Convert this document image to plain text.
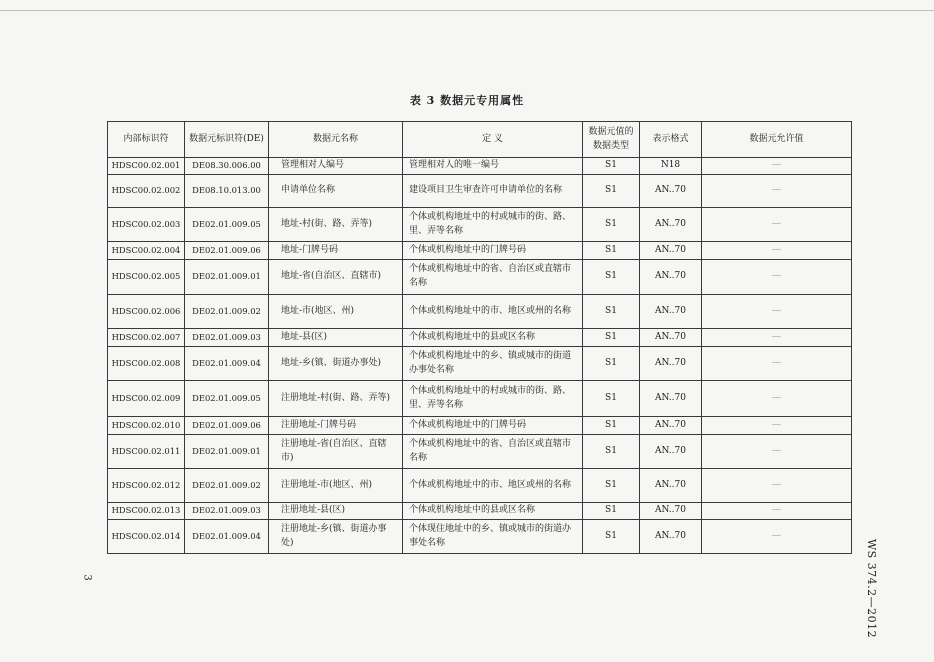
表 3 数据元专用属性
内部标识符	数据元标识符(DE)	数据元名称	定 义	数据元值的数据类型	表示格式	数据元允许值
HDSC00.02.001	DE08.30.006.00	管理相对人编号	管理相对人的唯一编号	S1	N18	—
HDSC00.02.002	DE08.10.013.00	申请单位名称	建设项目卫生审查许可申请单位的名称	S1	AN..70	—
HDSC00.02.003	DE02.01.009.05	地址-村(街、路、弄等)	个体或机构地址中的村或城市的街、路、里、弄等名称	S1	AN..70	—
HDSC00.02.004	DE02.01.009.06	地址-门牌号码	个体或机构地址中的门牌号码	S1	AN..70	—
HDSC00.02.005	DE02.01.009.01	地址-省(自治区、直辖市)	个体或机构地址中的省、自治区或直辖市名称	S1	AN..70	—
HDSC00.02.006	DE02.01.009.02	地址-市(地区、州)	个体或机构地址中的市、地区或州的名称	S1	AN..70	—
HDSC00.02.007	DE02.01.009.03	地址-县(区)	个体或机构地址中的县或区名称	S1	AN..70	—
HDSC00.02.008	DE02.01.009.04	地址-乡(镇、街道办事处)	个体或机构地址中的乡、镇或城市的街道办事处名称	S1	AN..70	—
HDSC00.02.009	DE02.01.009.05	注册地址-村(街、路、弄等)	个体或机构地址中的村或城市的街、路、里、弄等名称	S1	AN..70	—
HDSC00.02.010	DE02.01.009.06	注册地址-门牌号码	个体或机构地址中的门牌号码	S1	AN..70	—
HDSC00.02.011	DE02.01.009.01	注册地址-省(自治区、直辖市)	个体或机构地址中的省、自治区或直辖市名称	S1	AN..70	—
HDSC00.02.012	DE02.01.009.02	注册地址-市(地区、州)	个体或机构地址中的市、地区或州的名称	S1	AN..70	—
HDSC00.02.013	DE02.01.009.03	注册地址-县(区)	个体或机构地址中的县或区名称	S1	AN..70	—
HDSC00.02.014	DE02.01.009.04	注册地址-乡(镇、街道办事处)	个体现住地址中的乡、镇或城市的街道办事处名称	S1	AN..70	—
3	WS 374.2—2012
